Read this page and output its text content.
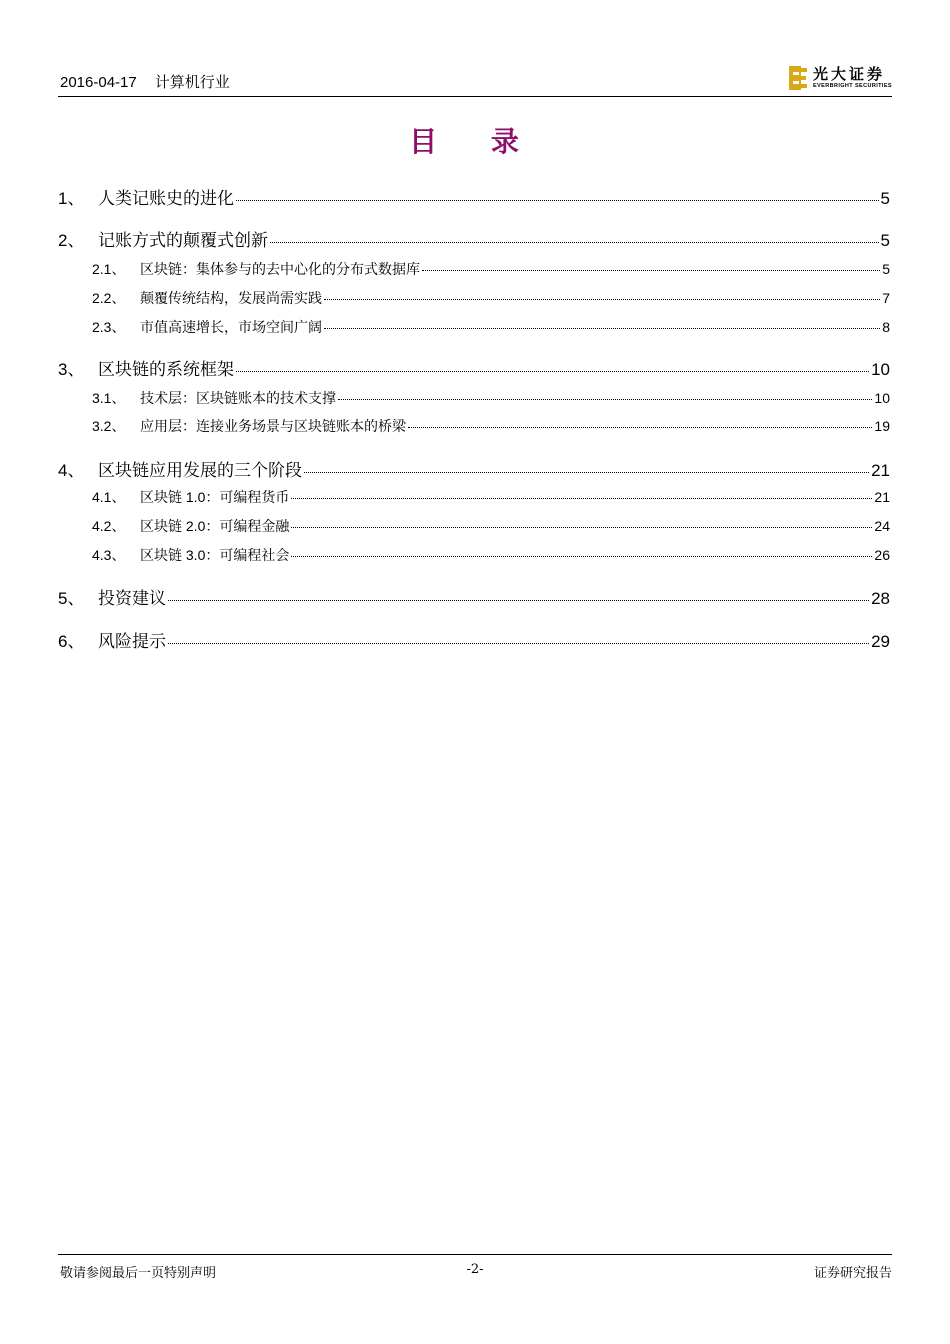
2016-04-17 计算机行业	光大证券
EVERBRIGHT SECURITIES
目 录
1、 人类记账史的进化	5
2、 记账方式的颠覆式创新	5
2.1、	区块链：集体参与的去中心化的分布式数据库	5
2.2、	颠覆传统结构，发展尚需实践	7
2.3、	市值高速增长，市场空间广阔	8
3、 区块链的系统框架	10
3.1、	技术层：区块链账本的技术支撑	10
3.2、	应用层：连接业务场景与区块链账本的桥梁	19
4、 区块链应用发展的三个阶段	21
4.1、	区块链 1.0：可编程货币	21
4.2、	区块链 2.0：可编程金融	24
4.3、	区块链 3.0：可编程社会	26
5、 投资建议	28
6、 风险提示	29
敬请参阅最后一页特别声明	-2-	证券研究报告
